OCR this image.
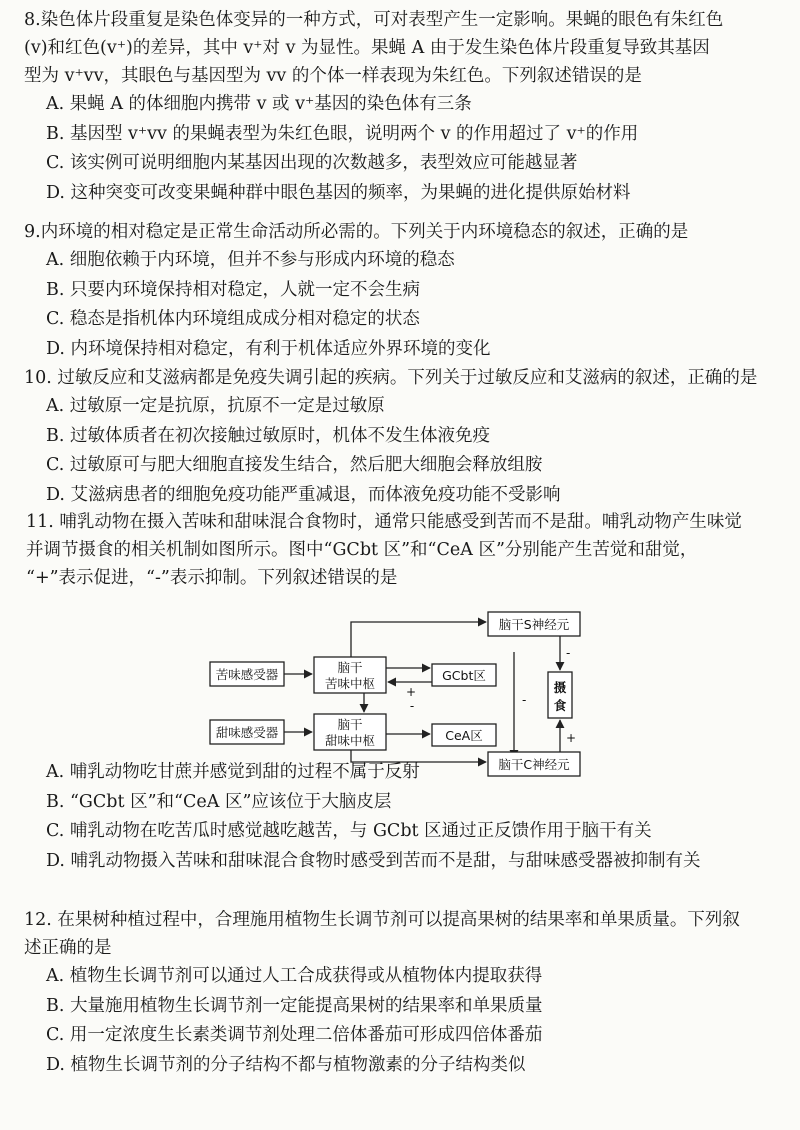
8.染色体片段重复是染色体变异的一种方式，可对表型产生一定影响。果蝇的眼色有朱红色
(v)和红色(v⁺)的差异，其中 v⁺对 v 为显性。果蝇 A 由于发生染色体片段重复导致其基因
型为 v⁺vv，其眼色与基因型为 vv 的个体一样表现为朱红色。下列叙述错误的是
A. 果蝇 A 的体细胞内携带 v 或 v⁺基因的染色体有三条
B. 基因型 v⁺vv 的果蝇表型为朱红色眼，说明两个 v 的作用超过了 v⁺的作用
C. 该实例可说明细胞内某基因出现的次数越多，表型效应可能越显著
D. 这种突变可改变果蝇种群中眼色基因的频率，为果蝇的进化提供原始材料
9.内环境的相对稳定是正常生命活动所必需的。下列关于内环境稳态的叙述，正确的是
A. 细胞依赖于内环境，但并不参与形成内环境的稳态
B. 只要内环境保持相对稳定，人就一定不会生病
C. 稳态是指机体内环境组成成分相对稳定的状态
D. 内环境保持相对稳定，有利于机体适应外界环境的变化
10. 过敏反应和艾滋病都是免疫失调引起的疾病。下列关于过敏反应和艾滋病的叙述，正确的是
A. 过敏原一定是抗原，抗原不一定是过敏原
B. 过敏体质者在初次接触过敏原时，机体不发生体液免疫
C. 过敏原可与肥大细胞直接发生结合，然后肥大细胞会释放组胺
D. 艾滋病患者的细胞免疫功能严重减退，而体液免疫功能不受影响
11. 哺乳动物在摄入苦味和甜味混合食物时，通常只能感受到苦而不是甜。哺乳动物产生味觉
并调节摄食的相关机制如图所示。图中“GCbt 区”和“CeA 区”分别能产生苦觉和甜觉，
“+”表示促进，“-”表示抑制。下列叙述错误的是
A. 哺乳动物吃甘蔗并感觉到甜的过程不属于反射
B. “GCbt 区”和“CeA 区”应该位于大脑皮层
C. 哺乳动物在吃苦瓜时感觉越吃越苦，与 GCbt 区通过正反馈作用于脑干有关
D. 哺乳动物摄入苦味和甜味混合食物时感受到苦而不是甜，与甜味感受器被抑制有关
苦味感受器
甜味感受器
脑干
苦味中枢
脑干
甜味中枢
GCbt区
CeA区
+
-	-
脑干S神经元
脑干C神经元
摄
食
-
+
12. 在果树种植过程中，合理施用植物生长调节剂可以提高果树的结果率和单果质量。下列叙
述正确的是
A. 植物生长调节剂可以通过人工合成获得或从植物体内提取获得
B. 大量施用植物生长调节剂一定能提高果树的结果率和单果质量
C. 用一定浓度生长素类调节剂处理二倍体番茄可形成四倍体番茄
D. 植物生长调节剂的分子结构不都与植物激素的分子结构类似
